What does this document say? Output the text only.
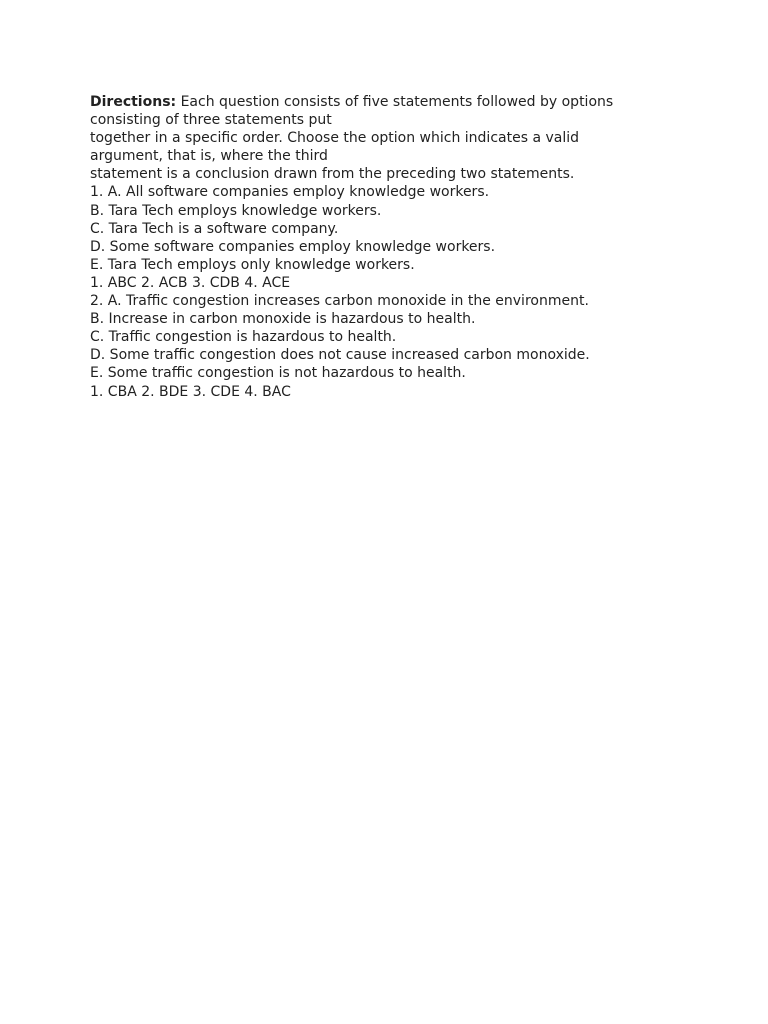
Directions: Each question consists of five statements followed by options
consisting of three statements put
together in a specific order. Choose the option which indicates a valid
argument, that is, where the third
statement is a conclusion drawn from the preceding two statements.
1. A. All software companies employ knowledge workers.
B. Tara Tech employs knowledge workers.
C. Tara Tech is a software company.
D. Some software companies employ knowledge workers.
E. Tara Tech employs only knowledge workers.
1. ABC 2. ACB 3. CDB 4. ACE
2. A. Traffic congestion increases carbon monoxide in the environment.
B. Increase in carbon monoxide is hazardous to health.
C. Traffic congestion is hazardous to health.
D. Some traffic congestion does not cause increased carbon monoxide.
E. Some traffic congestion is not hazardous to health.
1. CBA 2. BDE 3. CDE 4. BAC
